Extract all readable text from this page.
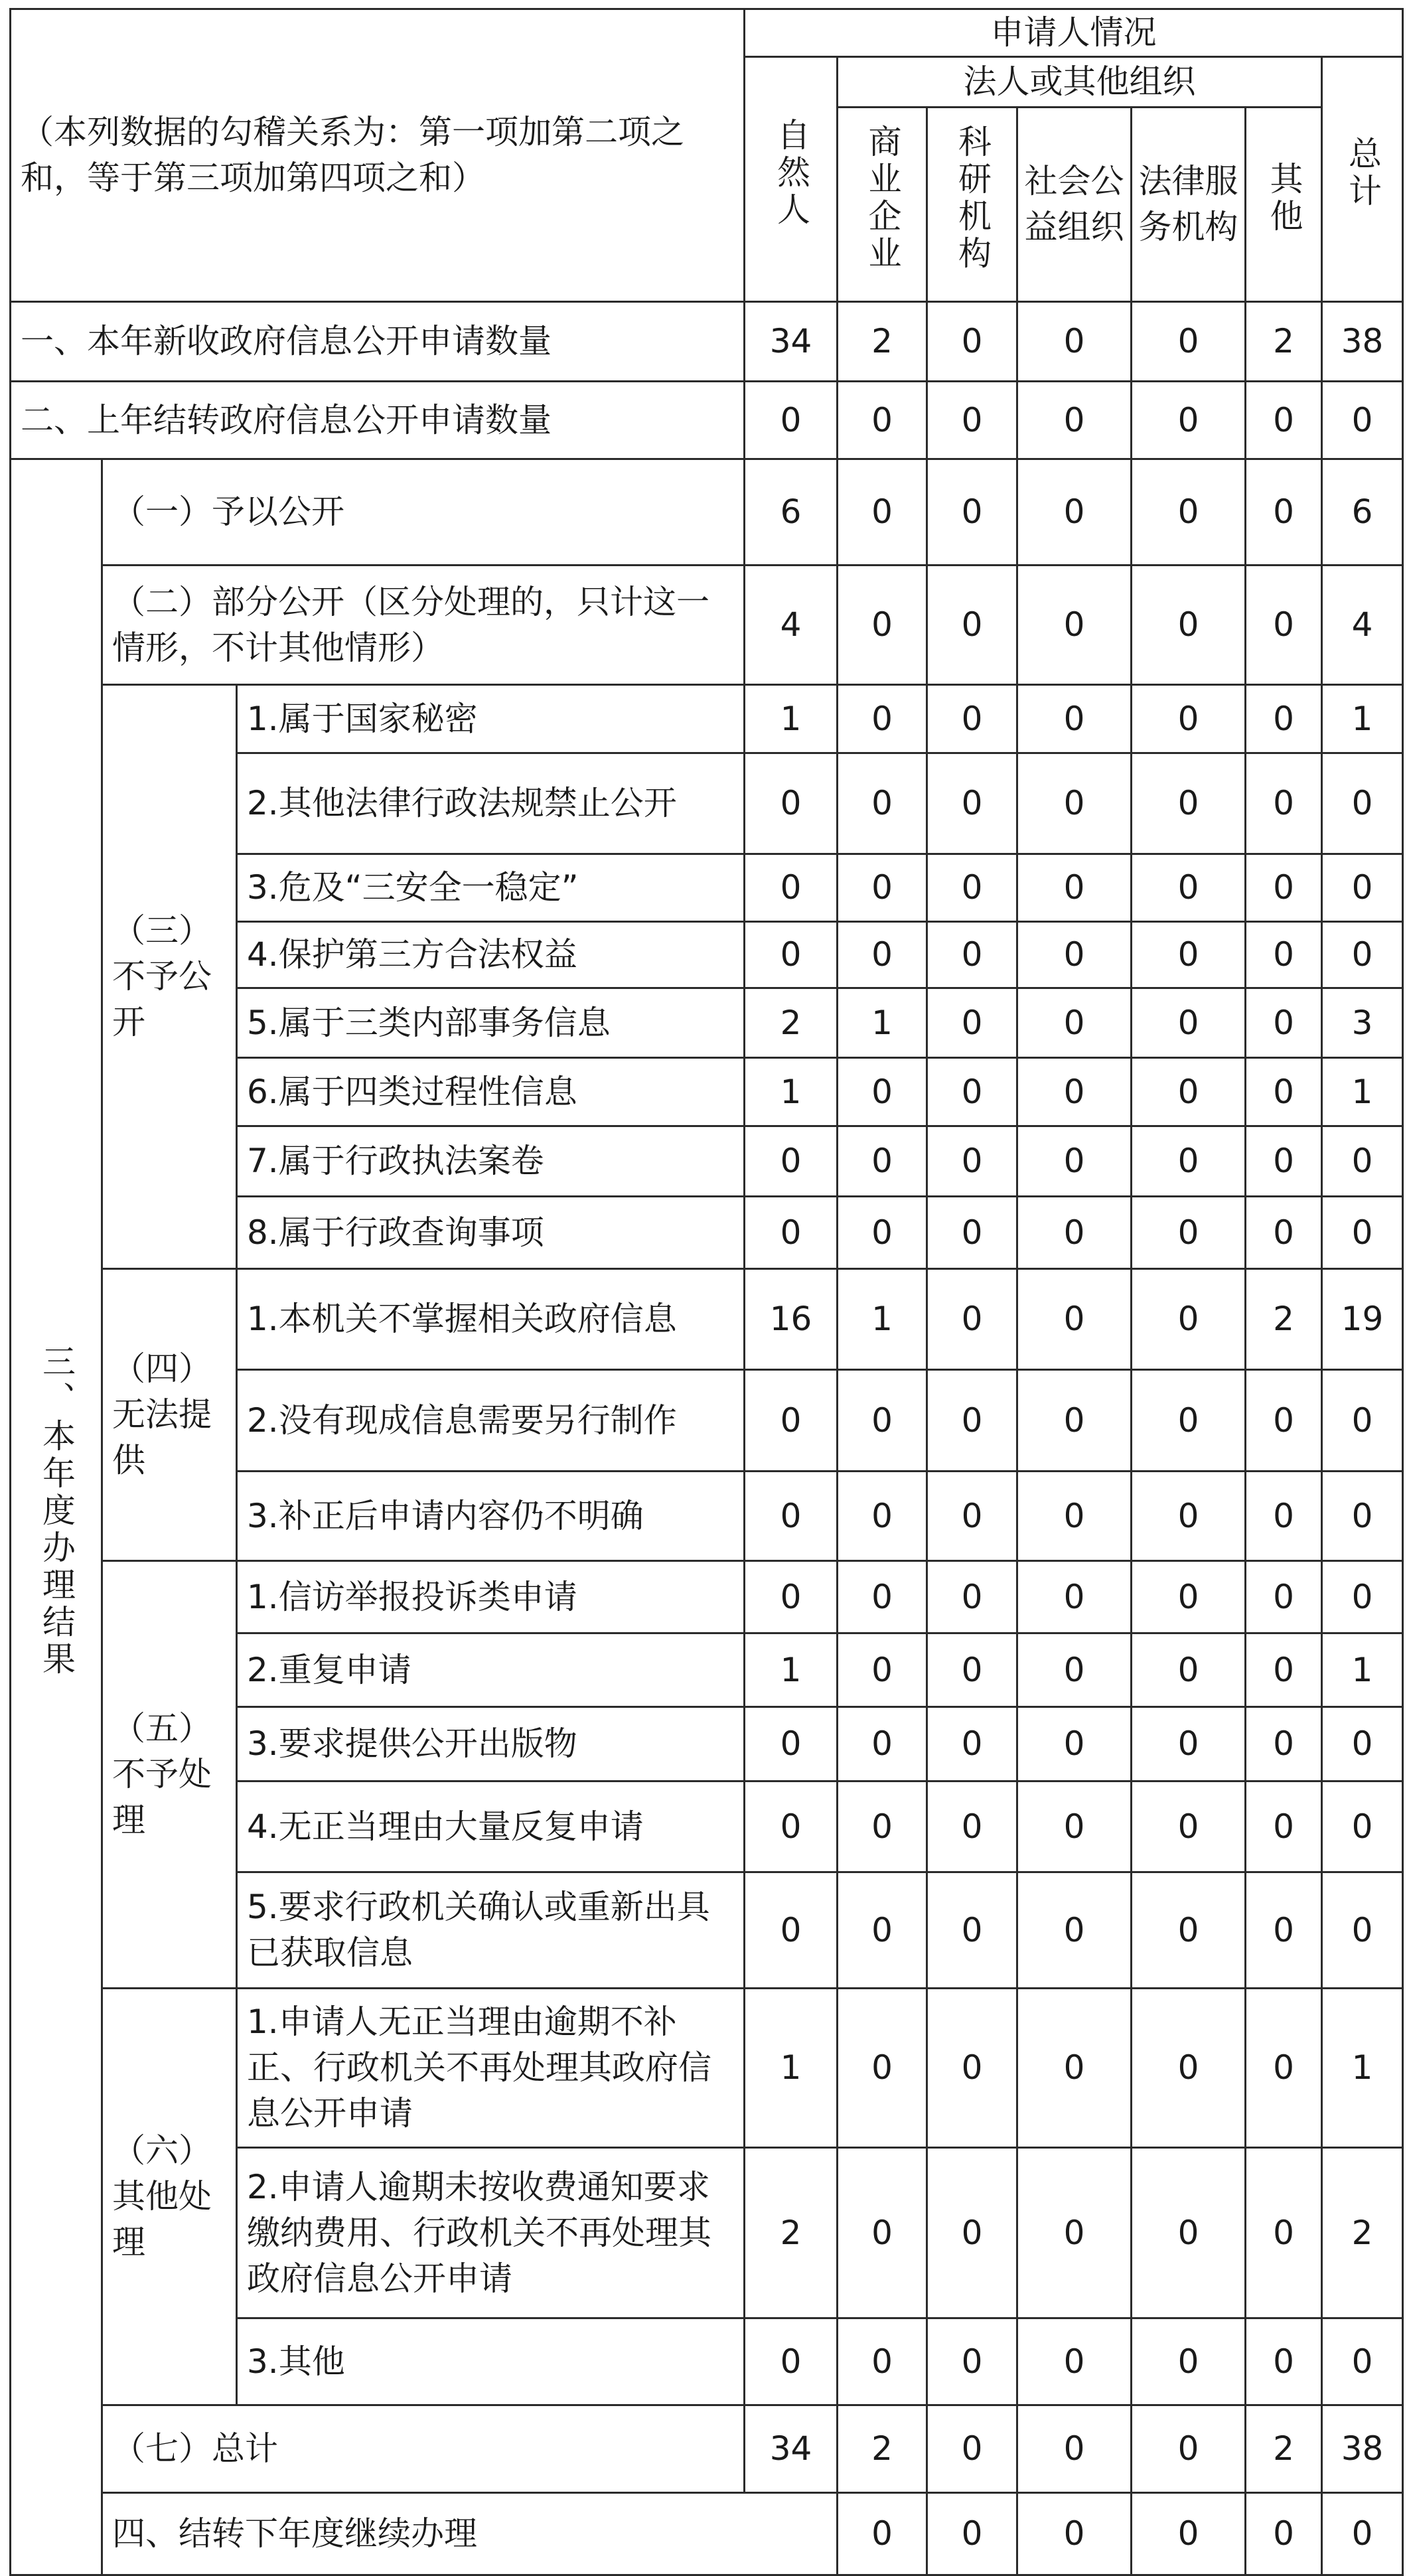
（本列数据的勾稽关系为：第一项加第二项之和，等于第三项加第四项之和）			申请人情况							
			自然人	法人或其他组织					总计	
				商业企业	科研机构	社会公益组织	法律服务机构	其他		
一、本年新收政府信息公开申请数量			34	2	0	0	0	2	38	
二、上年结转政府信息公开申请数量			0	0	0	0	0	0	0	
三、本年度办理结果	（一）予以公开		6	0	0	0	0	0	6	
	（二）部分公开（区分处理的，只计这一情形，不计其他情形）		4	0	0	0	0	0	4	
	（三）不予公开	1.属于国家秘密	1	0	0	0	0	0	1	
		2.其他法律行政法规禁止公开	0	0	0	0	0	0	0	
		3.危及“三安全一稳定”	0	0	0	0	0	0	0	
		4.保护第三方合法权益	0	0	0	0	0	0	0	
		5.属于三类内部事务信息	2	1	0	0	0	0	3	
		6.属于四类过程性信息	1	0	0	0	0	0	1	
		7.属于行政执法案卷	0	0	0	0	0	0	0	
		8.属于行政查询事项	0	0	0	0	0	0	0	
	（四）无法提供	1.本机关不掌握相关政府信息	16	1	0	0	0	2	19	
		2.没有现成信息需要另行制作	0	0	0	0	0	0	0	
		3.补正后申请内容仍不明确	0	0	0	0	0	0	0	
	（五）不予处理	1.信访举报投诉类申请	0	0	0	0	0	0	0	
		2.重复申请	1	0	0	0	0	0	1	
		3.要求提供公开出版物	0	0	0	0	0	0	0	
		4.无正当理由大量反复申请	0	0	0	0	0	0	0	
		5.要求行政机关确认或重新出具已获取信息	0	0	0	0	0	0	0	
	（六）其他处理	1.申请人无正当理由逾期不补正、行政机关不再处理其政府信息公开申请	1	0	0	0	0	0	1	
		2.申请人逾期未按收费通知要求缴纳费用、行政机关不再处理其政府信息公开申请	2	0	0	0	0	0	2	
		3.其他	0	0	0	0	0	0	0	
	（七）总计		34	2	0	0	0	2	38	
	四、结转下年度继续办理			0	0	0	0	0	0	
